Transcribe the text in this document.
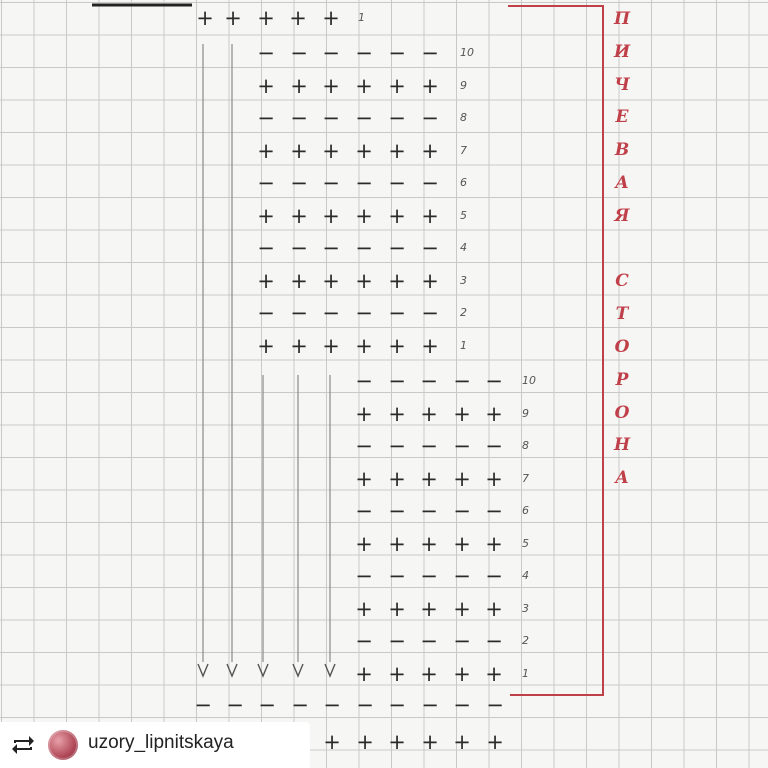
+ + + + +	1
− − − − − −	10
+ + + + + +	9
− − − − − −	8
+ + + + + +	7
− − − − − −	6
+ + + + + +	5
− − − − − −	4
+ + + + + +	3
− − − − − −	2
+ + + + + +	1
− − − − −	10
+ + + + +	9
− − − − −	8
+ + + + +	7
− − − − −	6
+ + + + +	5
− − − − −	4
+ + + + +	3
− − − − −	2
+ + + + +	1
− − − − − − − − − −
+ + + + + +
П
И
Ч
Е
В
А
Я
С
Т
О
Р
О
Н
А
uzory_lipnitskaya
